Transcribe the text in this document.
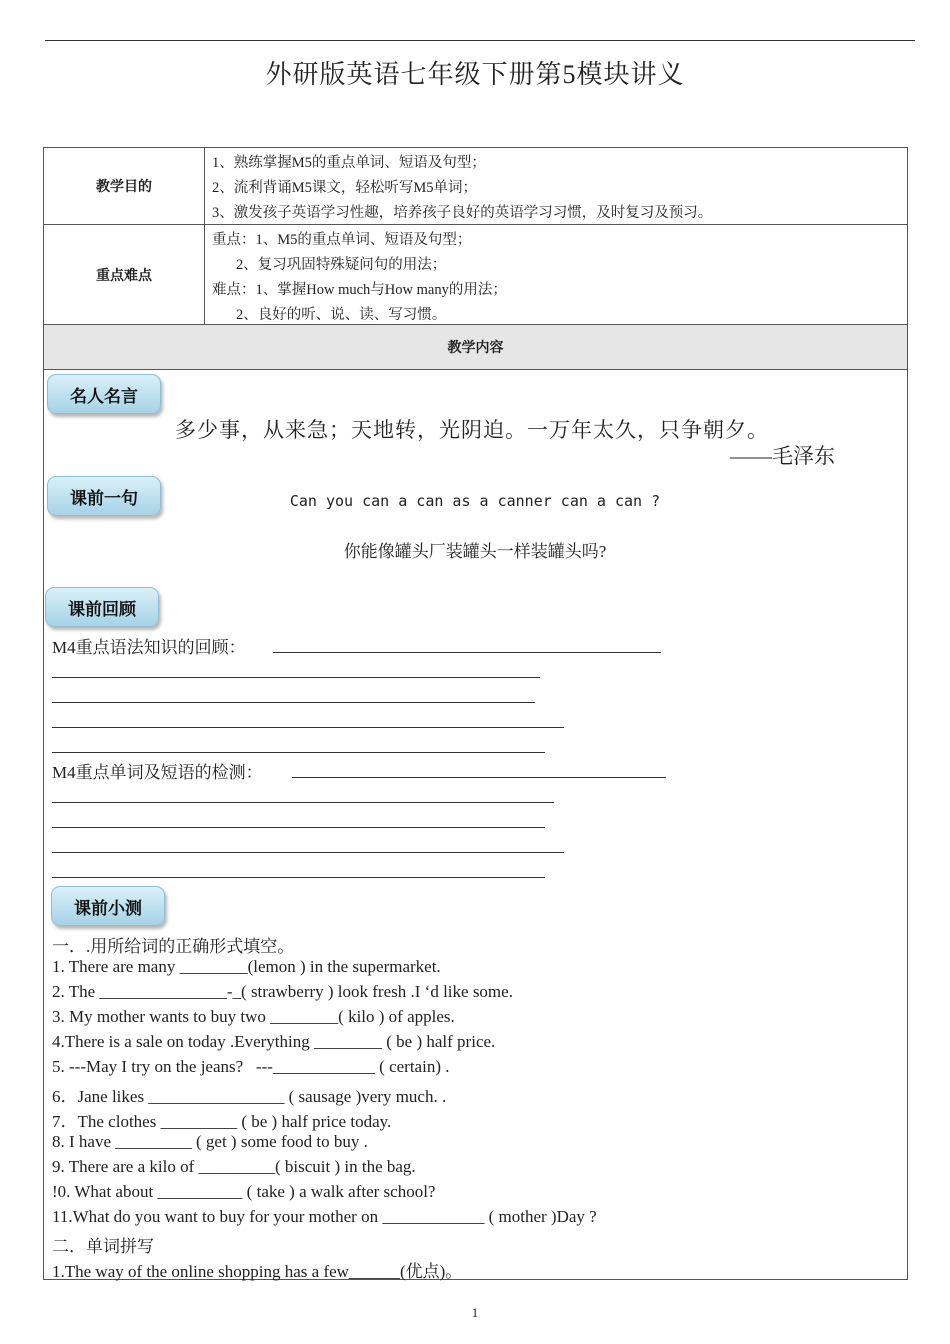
外研版英语七年级下册第5模块讲义
教学目的
1、熟练掌握M5的重点单词、短语及句型；
2、流利背诵M5课文，轻松听写M5单词；
3、激发孩子英语学习性趣，培养孩子良好的英语学习习惯，及时复习及预习。
重点难点
重点：1、M5的重点单词、短语及句型；
2、复习巩固特殊疑问句的用法；
难点：1、掌握How much与How many的用法；
2、良好的听、说、读、写习惯。
教学内容
名人名言
多少事，从来急；天地转，光阴迫。一万年太久，只争朝夕。
——毛泽东
课前一句	Can you can a can as a canner can a can ?
你能像罐头厂装罐头一样装罐头吗?
课前回顾
M4重点语法知识的回顾：
M4重点单词及短语的检测：
课前小测
一．.用所给词的正确形式填空。
1. There are many ________(lemon ) in the supermarket.
2. The _______________-_( strawberry ) look fresh .I ‘d like some.
3. My mother wants to buy two ________( kilo ) of apples.
4.There is a sale on today .Everything ________ ( be ) half price.
5. ---May I try on the jeans?   ---____________ ( certain) .
6．Jane likes ________________ ( sausage )very much. .
7．The clothes _________ ( be ) half price today.
8. I have _________ ( get ) some food to buy .
9. There are a kilo of _________( biscuit ) in the bag.
!0. What about __________ ( take ) a walk after school?
11.What do you want to buy for your mother on ____________ ( mother )Day ?
二．单词拼写
1.The way of the online shopping has a few______(优点)。
1
